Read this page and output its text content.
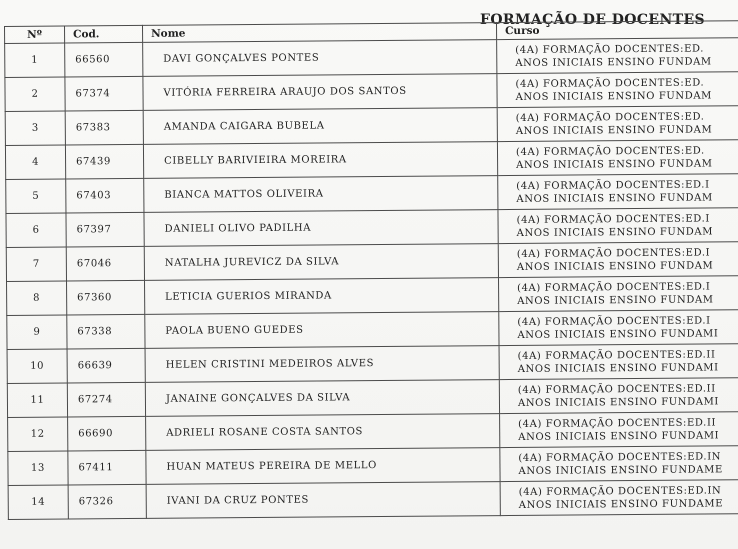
FORMAÇÃO DE DOCENTES
Nº	Cod.	Nome	Curso
1	66560	DAVI GONÇALVES PONTES	(4A) FORMAÇÃO DOCENTES:ED.
ANOS INICIAIS ENSINO FUNDAM

2	67374	VITÓRIA FERREIRA ARAUJO DOS SANTOS	(4A) FORMAÇÃO DOCENTES:ED.
ANOS INICIAIS ENSINO FUNDAM

3	67383	AMANDA CAIGARA BUBELA	(4A) FORMAÇÃO DOCENTES:ED.
ANOS INICIAIS ENSINO FUNDAM

4	67439	CIBELLY BARIVIEIRA MOREIRA	(4A) FORMAÇÃO DOCENTES:ED.
ANOS INICIAIS ENSINO FUNDAM

5	67403	BIANCA MATTOS OLIVEIRA	(4A) FORMAÇÃO DOCENTES:ED.I
ANOS INICIAIS ENSINO FUNDAM

6	67397	DANIELI OLIVO PADILHA	(4A) FORMAÇÃO DOCENTES:ED.I
ANOS INICIAIS ENSINO FUNDAM

7	67046	NATALHA JUREVICZ DA SILVA	(4A) FORMAÇÃO DOCENTES:ED.I
ANOS INICIAIS ENSINO FUNDAM

8	67360	LETICIA GUERIOS MIRANDA	(4A) FORMAÇÃO DOCENTES:ED.I
ANOS INICIAIS ENSINO FUNDAM

9	67338	PAOLA BUENO GUEDES	(4A) FORMAÇÃO DOCENTES:ED.I
ANOS INICIAIS ENSINO FUNDAMI

10	66639	HELEN CRISTINI MEDEIROS ALVES	(4A) FORMAÇÃO DOCENTES:ED.II
ANOS INICIAIS ENSINO FUNDAMI

11	67274	JANAINE GONÇALVES DA SILVA	(4A) FORMAÇÃO DOCENTES:ED.II
ANOS INICIAIS ENSINO FUNDAMI

12	66690	ADRIELI ROSANE COSTA SANTOS	(4A) FORMAÇÃO DOCENTES:ED.II
ANOS INICIAIS ENSINO FUNDAMI

13	67411	HUAN MATEUS PEREIRA DE MELLO	(4A) FORMAÇÃO DOCENTES:ED.IN
ANOS INICIAIS ENSINO FUNDAME

14	67326	IVANI DA CRUZ PONTES	(4A) FORMAÇÃO DOCENTES:ED.IN
ANOS INICIAIS ENSINO FUNDAME
